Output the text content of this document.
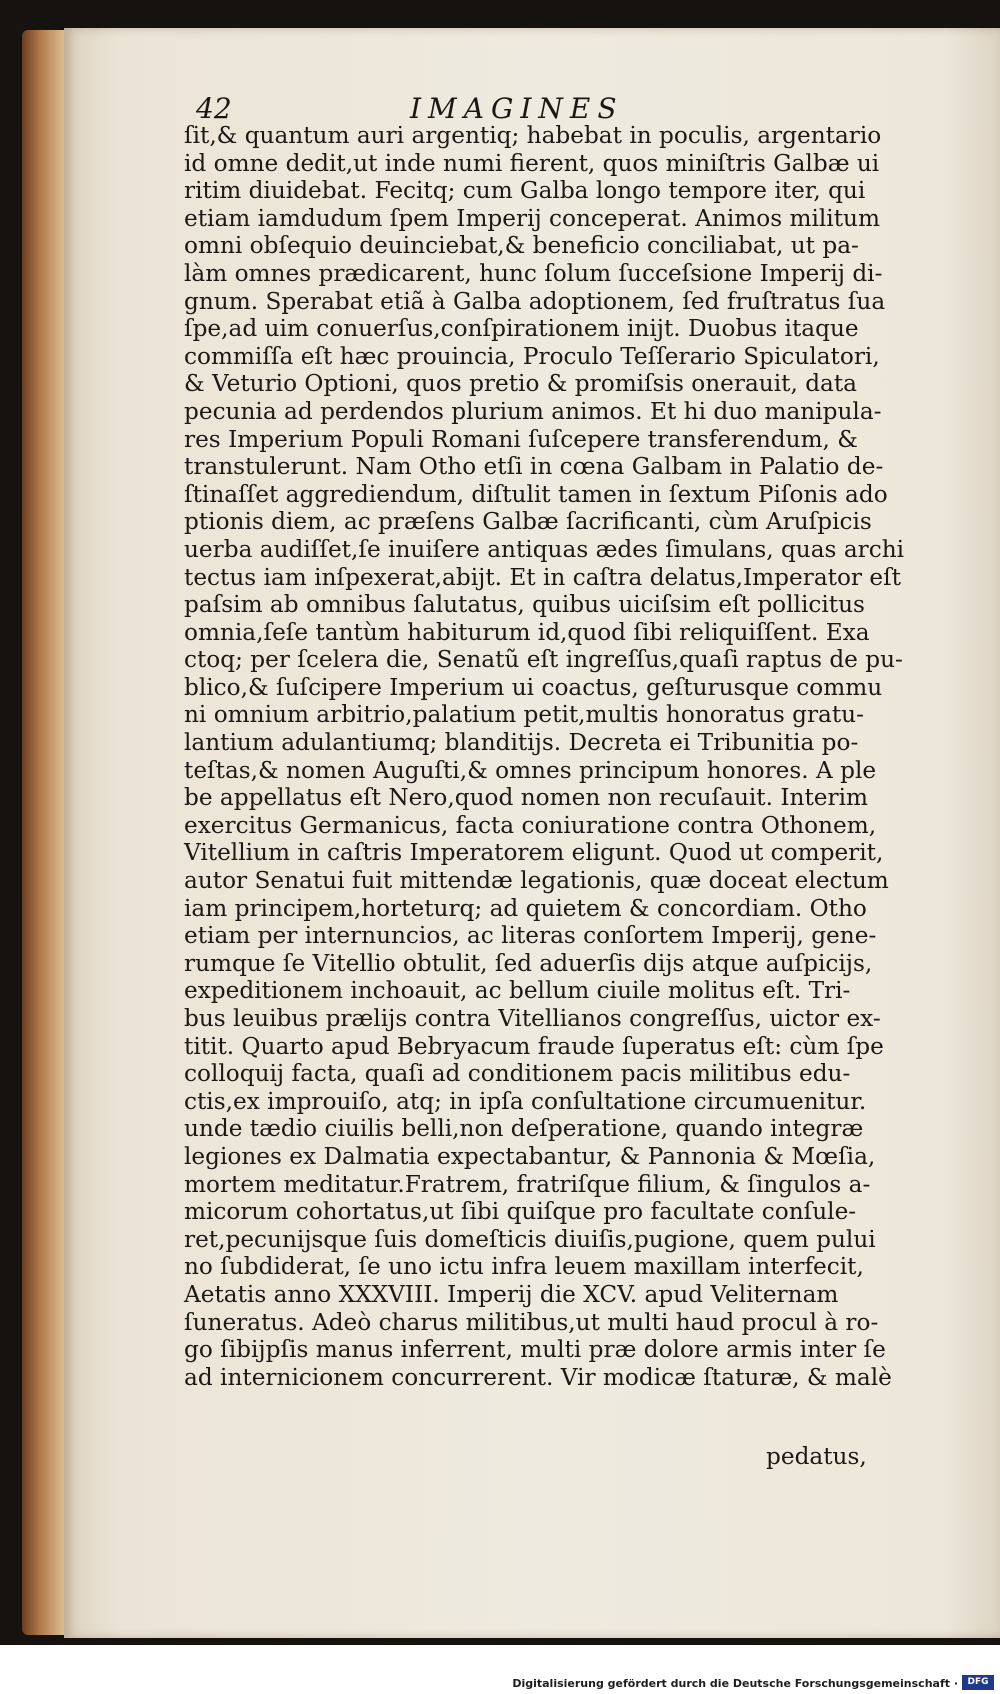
42	IMAGINES
ſit,& quantum auri argentiq; habebat in poculis, argentario
id omne dedit,ut inde numi fierent, quos miniſtris Galbæ ui
ritim diuidebat. Fecitq; cum Galba longo tempore iter, qui
etiam iamdudum ſpem Imperij conceperat. Animos militum
omni obſequio deuinciebat,& beneficio conciliabat, ut pa-
làm omnes prædicarent, hunc ſolum ſucceſsione Imperij di-
gnum. Sperabat etiã à Galba adoptionem, ſed fruſtratus ſua
ſpe,ad uim conuerſus,conſpirationem inijt. Duobus itaque
commiſſa eſt hæc prouincia, Proculo Teſſerario Spiculatori,
& Veturio Optioni, quos pretio & promiſsis onerauit, data
pecunia ad perdendos plurium animos. Et hi duo manipula-
res Imperium Populi Romani ſuſcepere transferendum, &
transtulerunt. Nam Otho etſi in cœna Galbam in Palatio de-
ſtinaſſet aggrediendum, diſtulit tamen in ſextum Piſonis ado
ptionis diem, ac præſens Galbæ ſacrificanti, cùm Aruſpicis
uerba audiſſet,ſe inuiſere antiquas ædes ſimulans, quas archi
tectus iam inſpexerat,abijt. Et in caſtra delatus,Imperator eſt
paſsim ab omnibus ſalutatus, quibus uiciſsim eſt pollicitus
omnia,ſeſe tantùm habiturum id,quod ſibi reliquiſſent. Exa
ctoq; per ſcelera die, Senatũ eſt ingreſſus,quaſi raptus de pu-
blico,& ſuſcipere Imperium ui coactus, geſturusque commu
ni omnium arbitrio,palatium petit,multis honoratus gratu-
lantium adulantiumq; blanditijs. Decreta ei Tribunitia po-
teſtas,& nomen Auguſti,& omnes principum honores. A ple
be appellatus eſt Nero,quod nomen non recuſauit. Interim
exercitus Germanicus, facta coniuratione contra Othonem,
Vitellium in caſtris Imperatorem eligunt. Quod ut comperit,
autor Senatui fuit mittendæ legationis, quæ doceat electum
iam principem,horteturq; ad quietem & concordiam. Otho
etiam per internuncios, ac literas conſortem Imperij, gene-
rumque ſe Vitellio obtulit, ſed aduerſis dijs atque auſpicijs,
expeditionem inchoauit, ac bellum ciuile molitus eſt. Tri-
bus leuibus prælijs contra Vitellianos congreſſus, uictor ex-
titit. Quarto apud Bebryacum fraude ſuperatus eſt: cùm ſpe
colloquij facta, quaſi ad conditionem pacis militibus edu-
ctis,ex improuiſo, atq; in ipſa conſultatione circumuenitur.
unde tædio ciuilis belli,non deſperatione, quando integræ
legiones ex Dalmatia expectabantur, & Pannonia & Mœſia,
mortem meditatur.Fratrem, fratriſque filium, & ſingulos a-
micorum cohortatus,ut ſibi quiſque pro facultate conſule-
ret,pecunijsque ſuis domeſticis diuiſis,pugione, quem pului
no ſubdiderat, ſe uno ictu infra leuem maxillam interfecit,
Aetatis anno XXXVIII. Imperij die XCV. apud Veliternam
ſuneratus. Adeò charus militibus,ut multi haud procul à ro-
go ſibijpſis manus inferrent, multi præ dolore armis inter ſe
ad internicionem concurrerent. Vir modicæ ſtaturæ, & malè
pedatus,
Digitalisierung gefördert durch die Deutsche Forschungsgemeinschaft ·	DFG
